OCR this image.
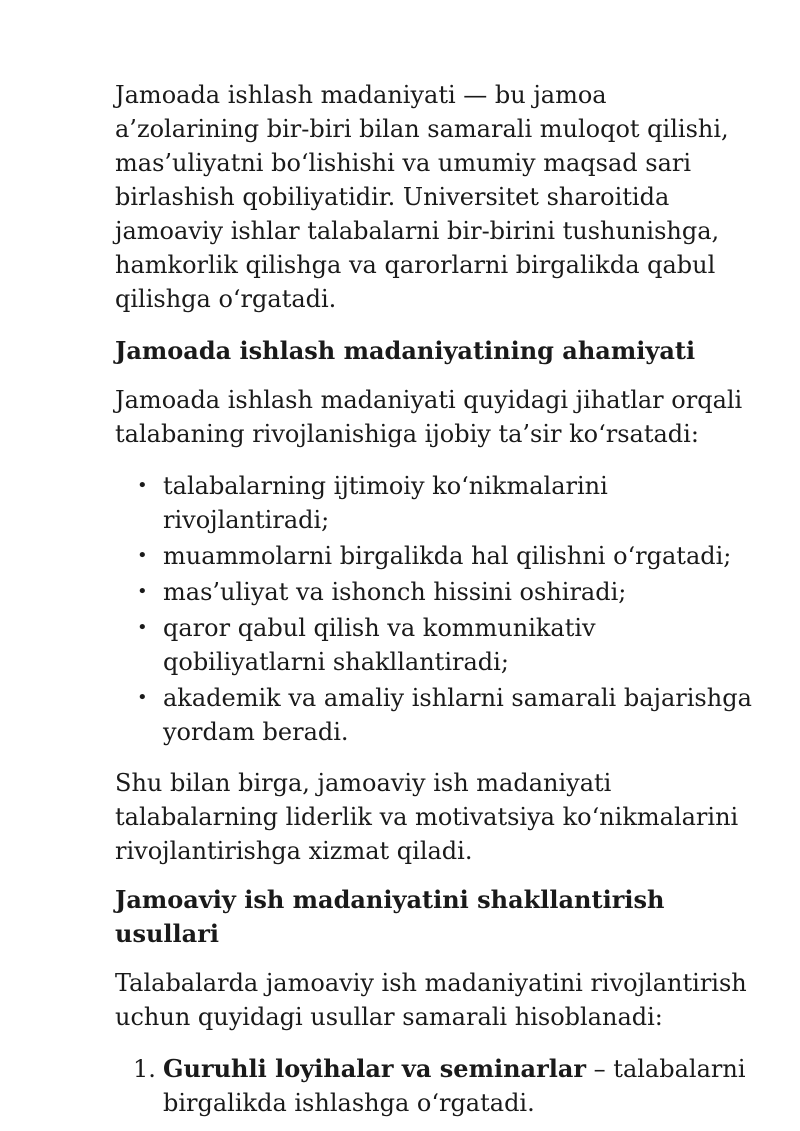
Jamoada ishlash madaniyati — bu jamoa a’zolarining bir-biri bilan samarali muloqot qilishi, mas’uliyatni bo‘lishishi va umumiy maqsad sari birlashish qobiliyatidir. Universitet sharoitida jamoaviy ishlar talabalarni bir-birini tushunishga, hamkorlik qilishga va qarorlarni birgalikda qabul qilishga o‘rgatadi.

Jamoada ishlash madaniyatining ahamiyati

Jamoada ishlash madaniyati quyidagi jihatlar orqali talabaning rivojlanishiga ijobiy ta’sir ko‘rsatadi:

• talabalarning ijtimoiy ko‘nikmalarini rivojlantiradi;
• muammolarni birgalikda hal qilishni o‘rgatadi;
• mas’uliyat va ishonch hissini oshiradi;
• qaror qabul qilish va kommunikativ qobiliyatlarni shakllantiradi;
• akademik va amaliy ishlarni samarali bajarishga yordam beradi.

Shu bilan birga, jamoaviy ish madaniyati talabalarning liderlik va motivatsiya ko‘nikmalarini rivojlantirishga xizmat qiladi.

Jamoaviy ish madaniyatini shakllantirish usullari

Talabalarda jamoaviy ish madaniyatini rivojlantirish uchun quyidagi usullar samarali hisoblanadi:

1. Guruhli loyihalar va seminarlar – talabalarni birgalikda ishlashga o‘rgatadi.
